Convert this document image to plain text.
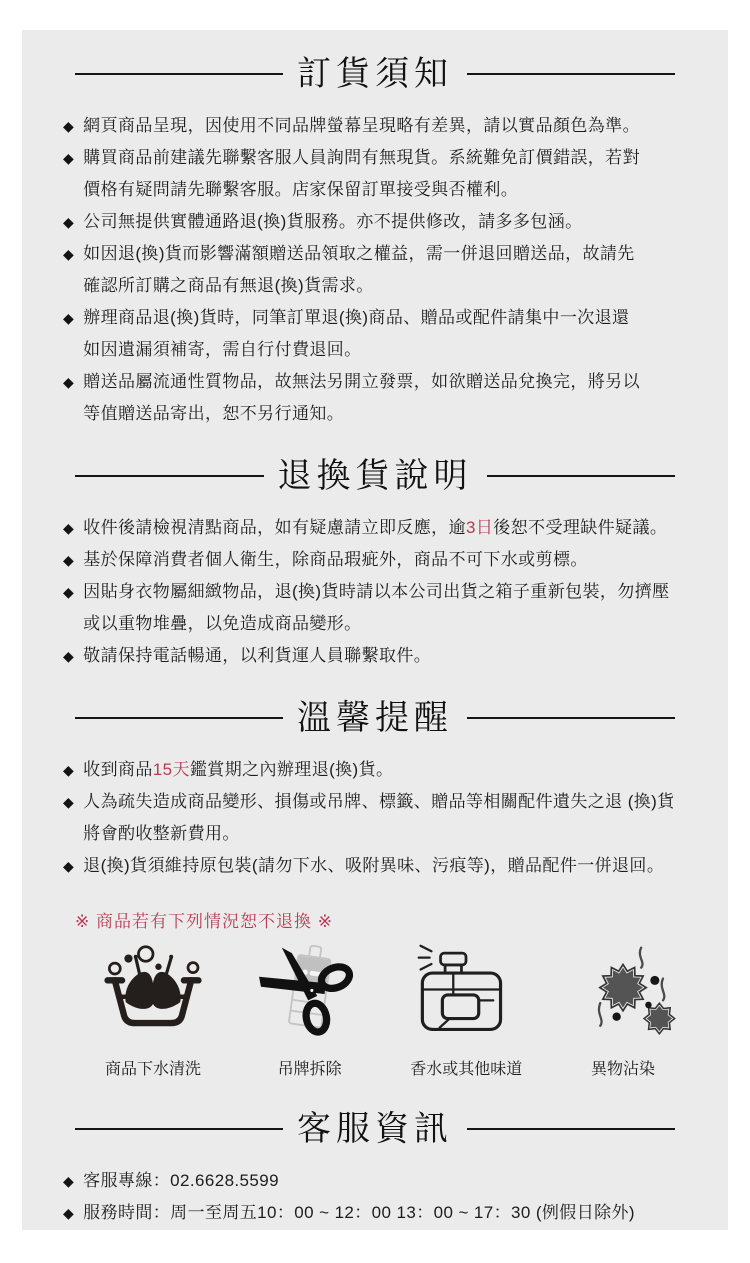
訂貨須知
◆ 網頁商品呈現，因使用不同品牌螢幕呈現略有差異，請以實品顏色為準。
◆ 購買商品前建議先聯繫客服人員詢問有無現貨。系統難免訂價錯誤，若對
價格有疑問請先聯繫客服。店家保留訂單接受與否權利。
◆ 公司無提供實體通路退(換)貨服務。亦不提供修改，請多多包涵。
◆ 如因退(換)貨而影響滿額贈送品領取之權益，需一併退回贈送品，故請先
確認所訂購之商品有無退(換)貨需求。
◆ 辦理商品退(換)貨時，同筆訂單退(換)商品、贈品或配件請集中一次退還
如因遺漏須補寄，需自行付費退回。
◆ 贈送品屬流通性質物品，故無法另開立發票，如欲贈送品兌換完，將另以
等值贈送品寄出，恕不另行通知。
退換貨說明
◆ 收件後請檢視清點商品，如有疑慮請立即反應，逾3日後恕不受理缺件疑議。
◆ 基於保障消費者個人衛生，除商品瑕疵外，商品不可下水或剪標。
◆ 因貼身衣物屬細緻物品，退(換)貨時請以本公司出貨之箱子重新包裝，勿擠壓
或以重物堆疊，以免造成商品變形。
◆ 敬請保持電話暢通，以利貨運人員聯繫取件。
溫馨提醒
◆ 收到商品15天鑑賞期之內辦理退(換)貨。
◆ 人為疏失造成商品變形、損傷或吊牌、標籤、贈品等相關配件遺失之退 (換)貨
將會酌收整新費用。
◆ 退(換)貨須維持原包裝(請勿下水、吸附異味、污痕等)，贈品配件一併退回。

※ 商品若有下列情況恕不退換 ※

商品下水清洗	吊牌拆除	香水或其他味道	異物沾染
客服資訊
◆ 客服專線：02.6628.5599
◆ 服務時間：周一至周五10：00 ~ 12：00 13：00 ~ 17：30 (例假日除外)
